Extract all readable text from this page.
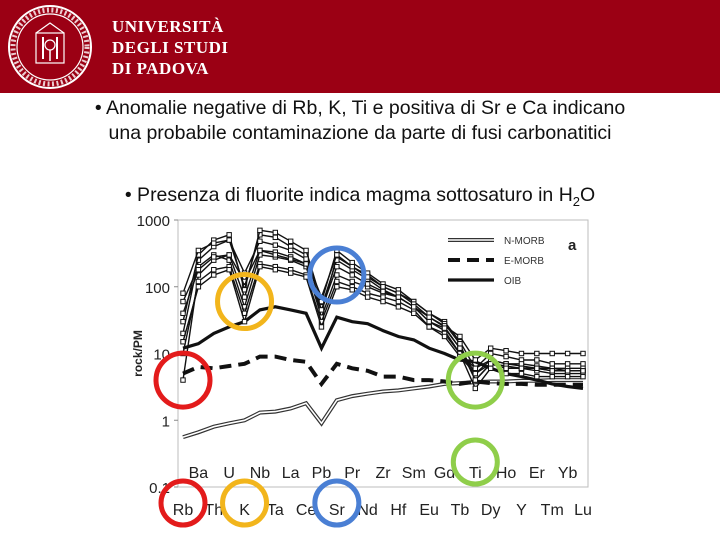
UNIVERSITÀ
DEGLI STUDI
DI PADOVA
• Anomalie negative di Rb, K, Ti e positiva di Sr e Ca indicano
una probabile contaminazione da parte di fusi carbonatitici
• Presenza di fluorite indica magma sottosaturo in $H_2O$
1000
100
10
1
0.1
rock/PM
Rb
Ba
Th
U
K
Nb
Ta
La
Ce
Pb
Sr
Pr
Nd
Zr
Hf
Sm
Eu
Gd
Tb
Ti
Dy
Ho
Y
Er
Tm
Yb
Lu
N-MORB
E-MORB
OIB
a
